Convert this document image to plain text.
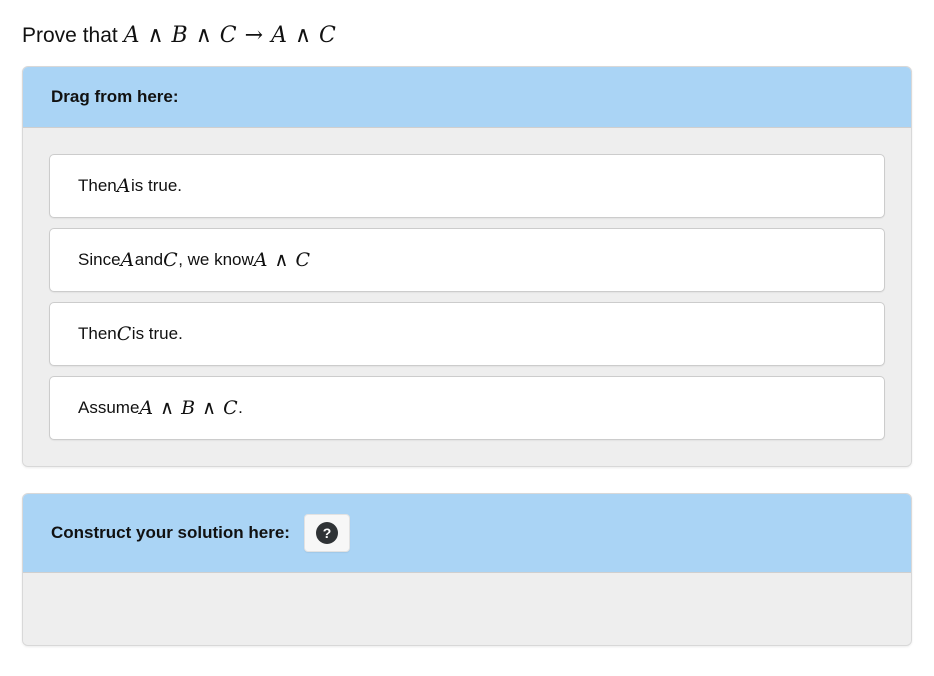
Prove that A ∧ B ∧ C → A ∧ C
Drag from here:
Then A is true.
Since A and C , we know A ∧ C
Then C is true.
Assume A ∧ B ∧ C .
Construct your solution here:	?
